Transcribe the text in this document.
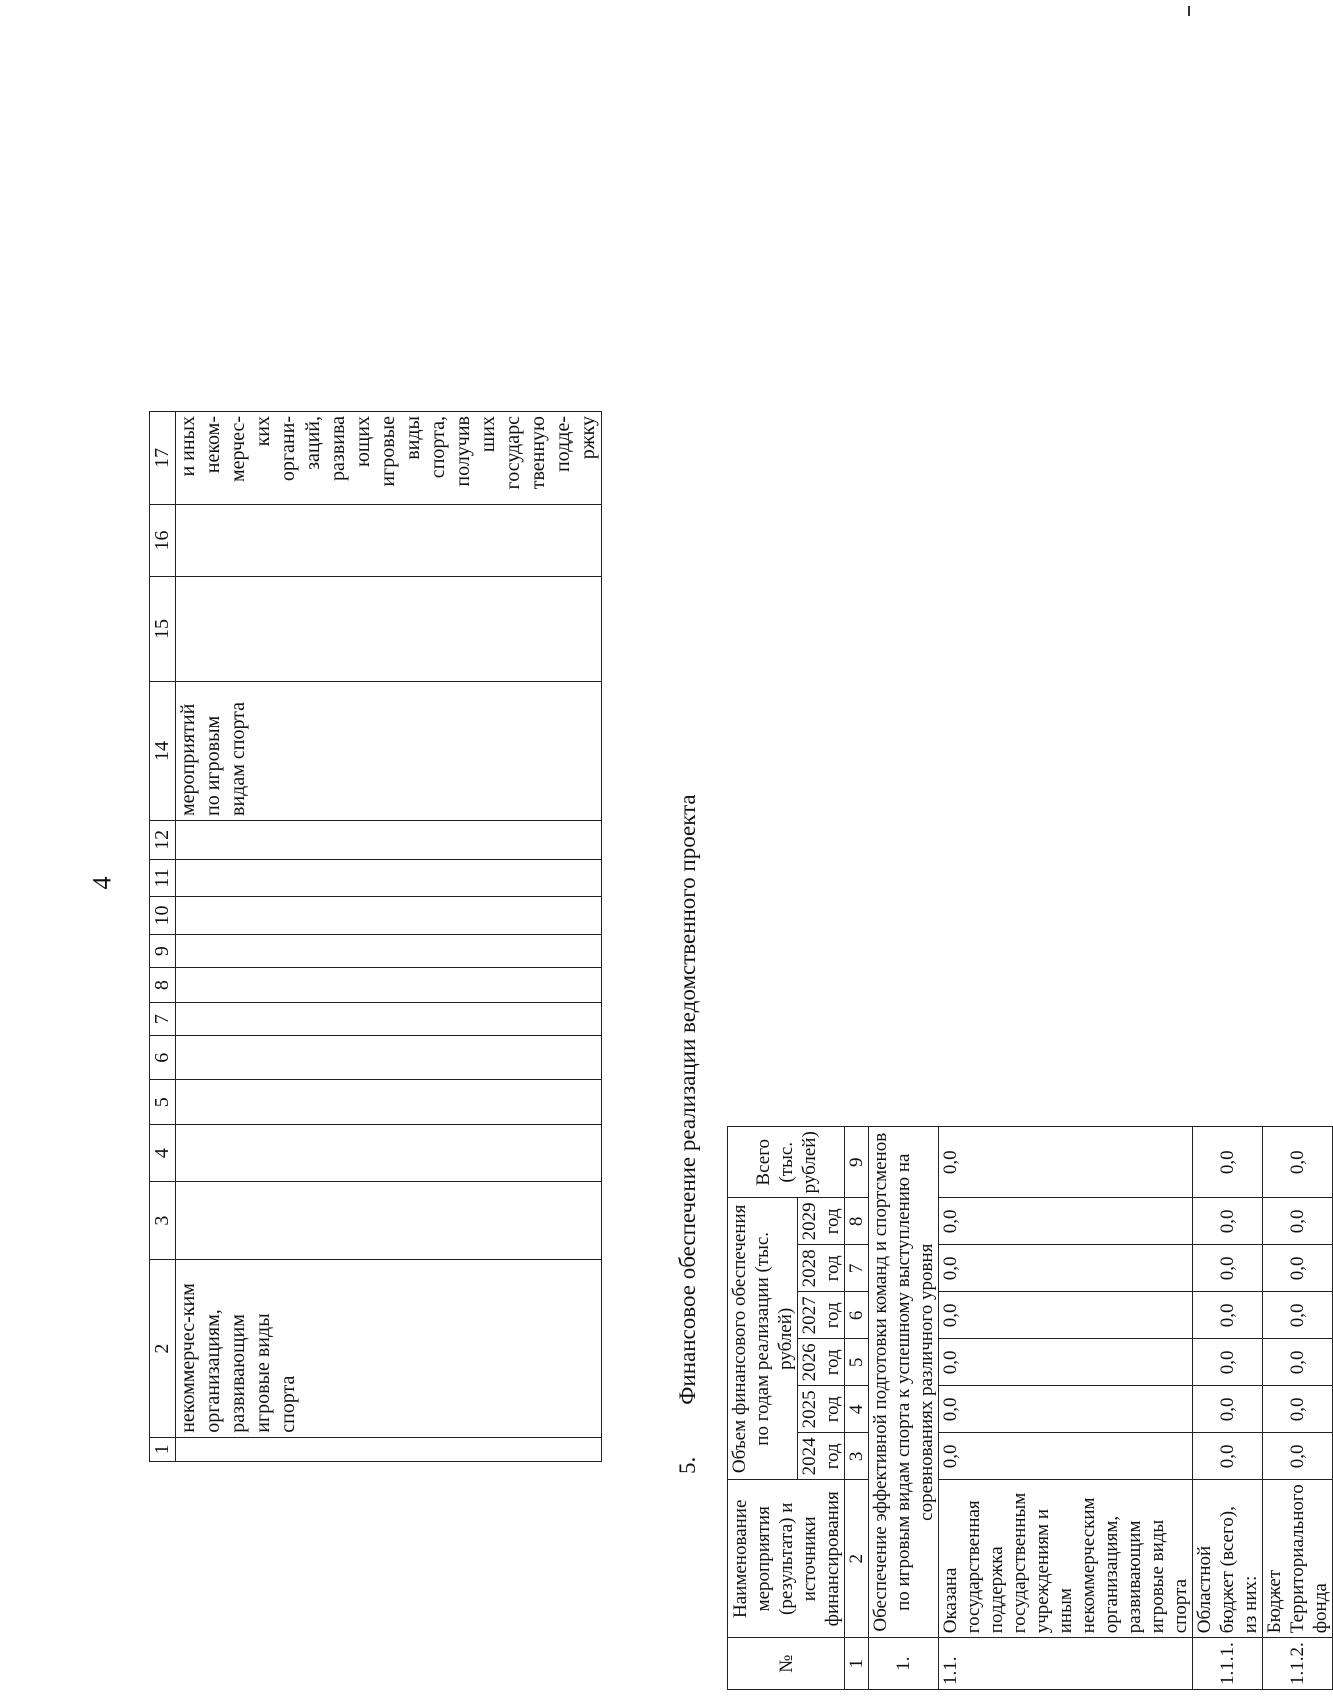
4
1	2	3	4	5	6	7	8	9	10	11	12	14	15	16	17
	некоммерчес-ким организациям, развивающим игровые виды спорта											мероприятий по игровым видам спорта			и иных неком-мерчес-ких органи-заций, развива ющих игровые виды спорта, получив ших государс твенную подде-ржку
5.Финансовое обеспечение реализации ведомственного проекта
№	Наименование мероприятия (результата) и источники финансирования	Объем финансового обеспечения по годам реализации (тыс. рублей)						Всего (тыс. рублей)
		2024 год	2025 год	2026 год	2027 год	2028 год	2029 год	
1	2	3	4	5	6	7	8	9
1.	Обеспечение эффективной подготовки команд и спортсменов по игровым видам спорта к успешному выступлению на соревнованиях различного уровня							
1.1.	Оказана государственная поддержка государственным учреждениям и иным некоммерческим организациям, развивающим игровые виды спорта	0,0	0,0	0,0	0,0	0,0	0,0	0,0
1.1.1.	Областной бюджет (всего), из них:	0,0	0,0	0,0	0,0	0,0	0,0	0,0
1.1.2.	Бюджет Территориального фонда	0,0	0,0	0,0	0,0	0,0	0,0	0,0
